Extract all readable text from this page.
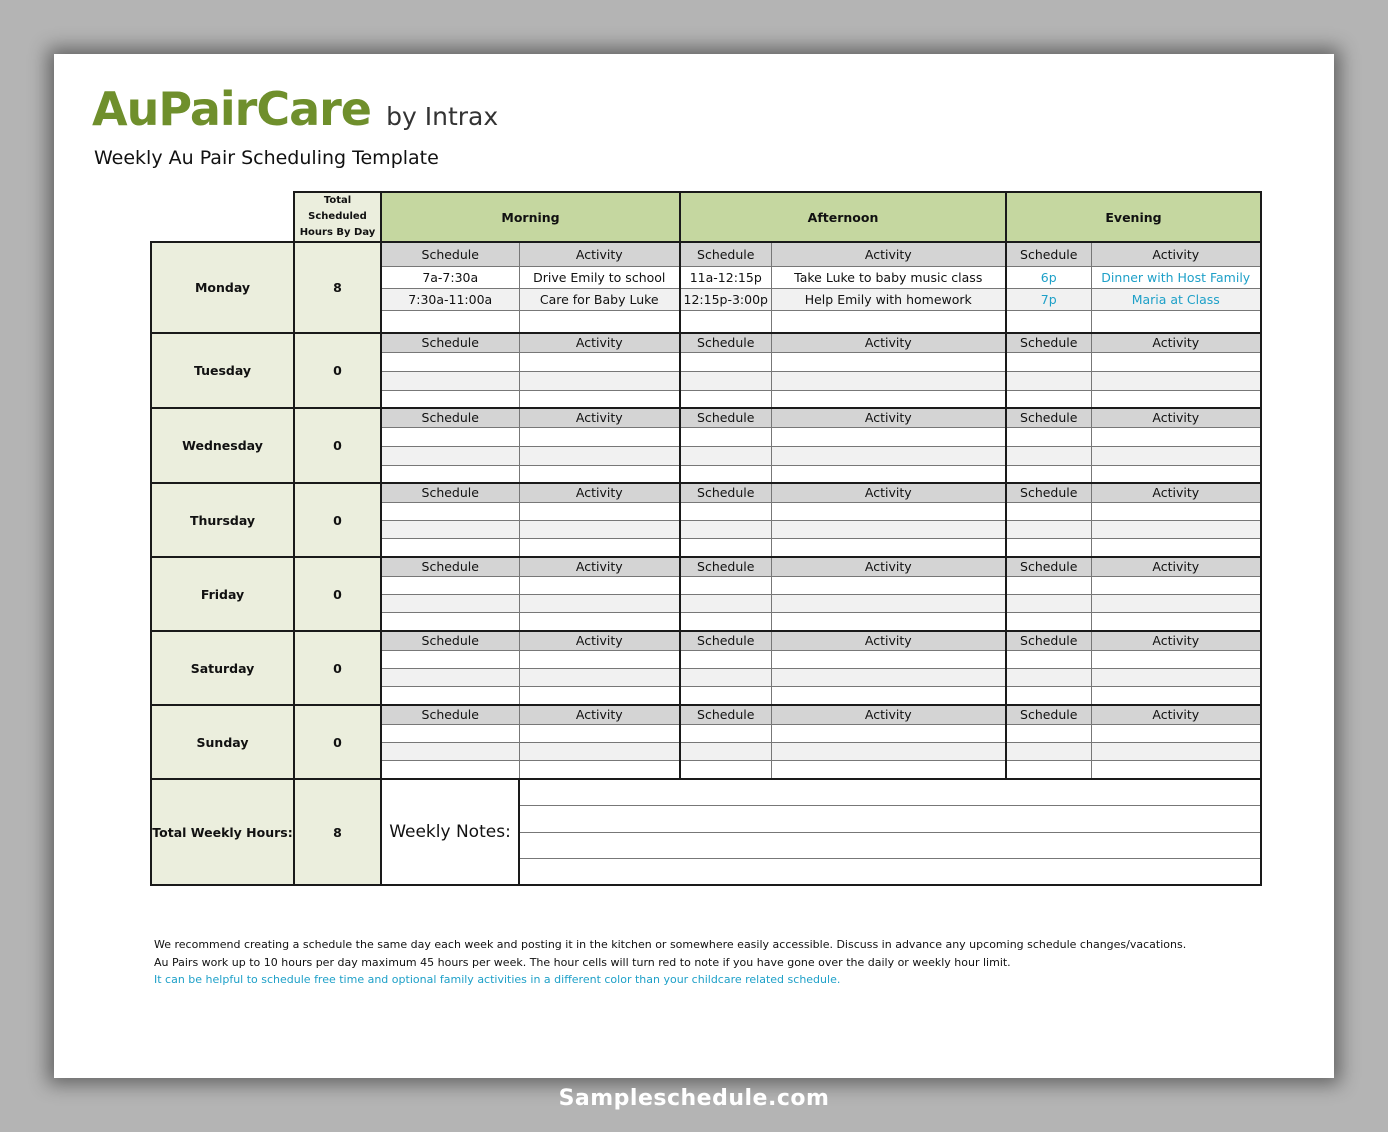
AuPairCare by Intrax
Weekly Au Pair Scheduling Template
	Total Scheduled
Hours By Day	Morning		Afternoon		Evening	
Monday	8	Schedule	Activity	Schedule	Activity	Schedule	Activity
		7a-7:30a	Drive Emily to school	11a-12:15p	Take Luke to baby music class	6p	Dinner with Host Family
		7:30a-11:00a	Care for Baby Luke	12:15p-3:00p	Help Emily with homework	7p	Maria at Class

Tuesday	0	Schedule	Activity	Schedule	Activity	Schedule	Activity

Wednesday	0	Schedule	Activity	Schedule	Activity	Schedule	Activity

Thursday	0	Schedule	Activity	Schedule	Activity	Schedule	Activity

Friday	0	Schedule	Activity	Schedule	Activity	Schedule	Activity

Saturday	0	Schedule	Activity	Schedule	Activity	Schedule	Activity

Sunday	0	Schedule	Activity	Schedule	Activity	Schedule	Activity

Total Weekly Hours:	8	Weekly Notes:					

We recommend creating a schedule the same day each week and posting it in the kitchen or somewhere easily accessible. Discuss in advance any upcoming schedule changes/vacations.
Au Pairs work up to 10 hours per day maximum 45 hours per week. The hour cells will turn red to note if you have gone over the daily or weekly hour limit.
It can be helpful to schedule free time and optional family activities in a different color than your childcare related schedule.
Sampleschedule.com
